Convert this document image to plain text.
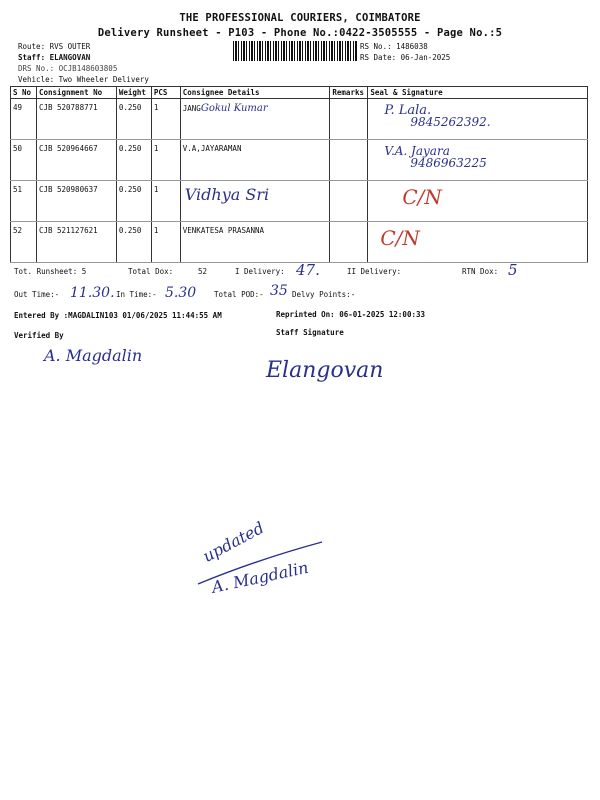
THE PROFESSIONAL COURIERS, COIMBATORE
Delivery Runsheet - P103 - Phone No.:0422-3505555 - Page No.:5
Route: RVS OUTER
Staff: ELANGOVAN
DRS No.: OCJB148603805
Vehicle: Two Wheeler Delivery
RS No.: 1486038
RS Date: 06-Jan-2025
S No	Consignment No	Weight	PCS	Consignee Details	Remarks	Seal & Signature
49	CJB 520788771	0.250	1	JANGGokul Kumar		P. Lala.
9845262392.

50	CJB 520964667	0.250	1	V.A,JAYARAMAN		V.A. Jayara
9486963225

51	CJB 520980637	0.250	1	Vidhya Sri		C/N

52	CJB 521127621	0.250	1	VENKATESA PRASANNA		C/N
Tot. Runsheet: 5	Total Dox:	52	I Delivery: 47.	II Delivery:	RTN Dox: 5
Out Time:- 11.30. In Time:- 5.30 Total POD:- 35 Delvy Points:-
Entered By :MAGDALIN103 01/06/2025 11:44:55 AM	Reprinted On: 06-01-2025 12:00:33
Verified By	Staff Signature
A. Magdalin
Elangovan
updated
A. Magdalin
